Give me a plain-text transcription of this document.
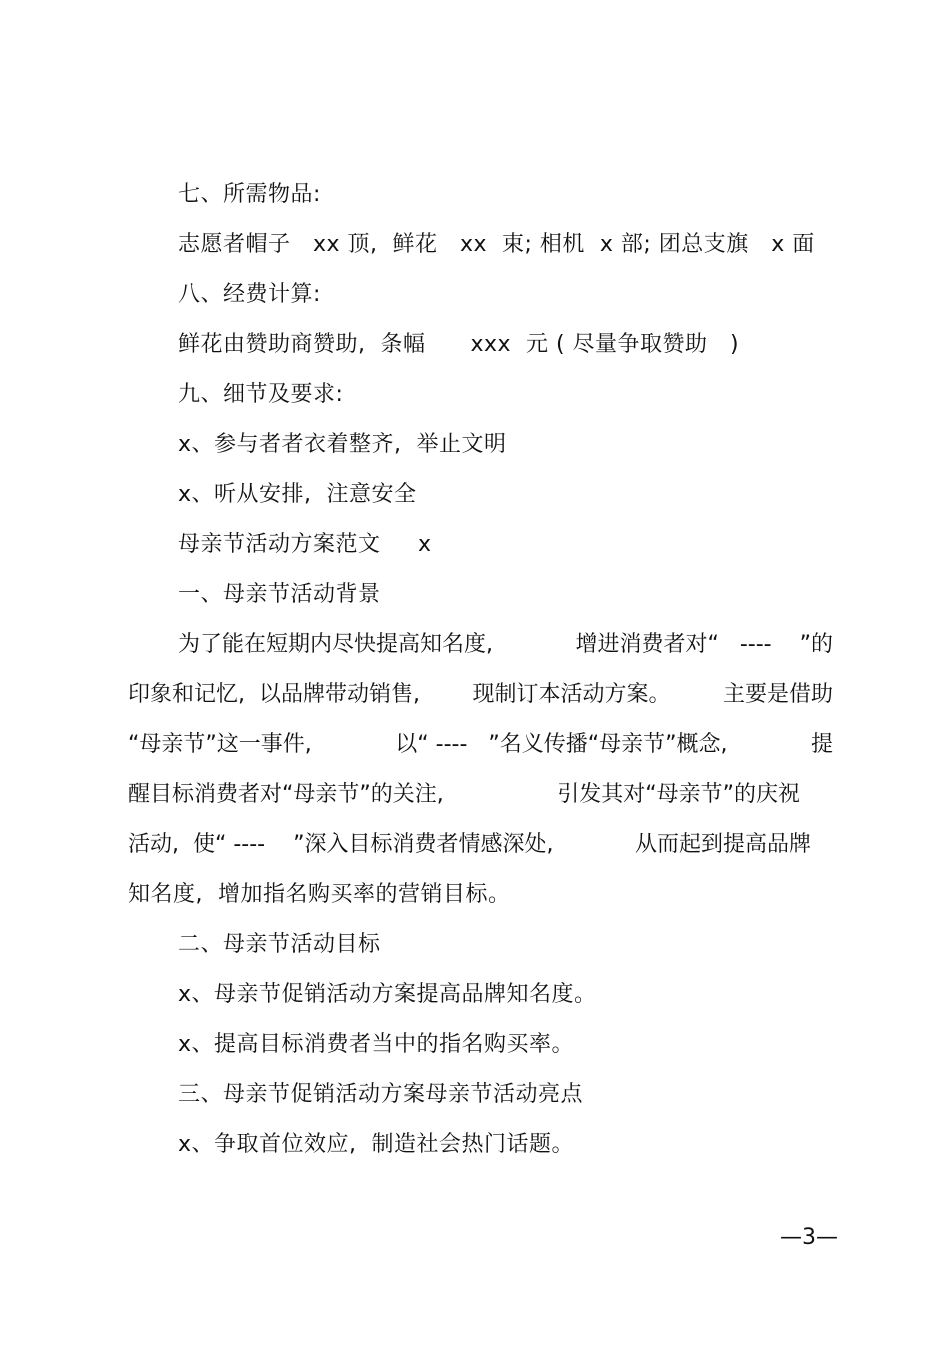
七、所需物品:
志愿者帽子   xx 顶,  鲜花   xx  束; 相机  x 部; 团总支旗   x 面
八、经费计算:
鲜花由赞助商赞助,  条幅      xxx  元 ( 尽量争取赞助   )
九、细节及要求:
x、参与者者衣着整齐,  举止文明
x、听从安排,  注意安全
母亲节活动方案范文     x
一、母亲节活动背景
为了能在短期内尽快提高知名度,	增进消费者对“   ----    ”的
印象和记忆,  以品牌带动销售, 现制订本活动方案。 主要是借助
“母亲节”这一事件,	以“ ----   ”名义传播“母亲节”概念,	提
醒目标消费者对“母亲节”的关注,	引发其对“母亲节”的庆祝
活动,  使“ ----    ”深入目标消费者情感深处,	从而起到提高品牌
知名度,  增加指名购买率的营销目标。
二、母亲节活动目标
x、母亲节促销活动方案提高品牌知名度。
x、提高目标消费者当中的指名购买率。
三、母亲节促销活动方案母亲节活动亮点
x、争取首位效应,  制造社会热门话题。
—3—
